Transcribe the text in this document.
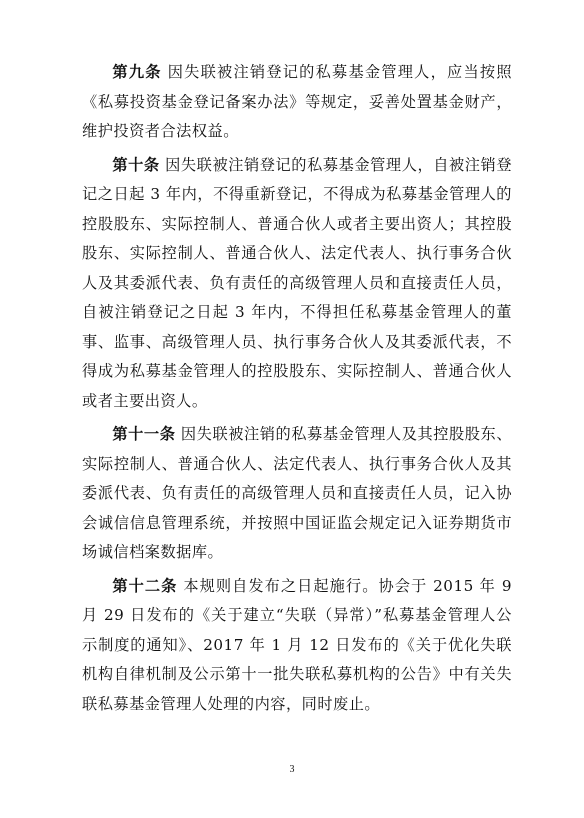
第九条 因失联被注销登记的私募基金管理人，应当按照《私募投资基金登记备案办法》等规定，妥善处置基金财产，维护投资者合法权益。

第十条 因失联被注销登记的私募基金管理人，自被注销登记之日起 3 年内，不得重新登记，不得成为私募基金管理人的控股股东、实际控制人、普通合伙人或者主要出资人；其控股股东、实际控制人、普通合伙人、法定代表人、执行事务合伙人及其委派代表、负有责任的高级管理人员和直接责任人员，自被注销登记之日起 3 年内，不得担任私募基金管理人的董事、监事、高级管理人员、执行事务合伙人及其委派代表，不得成为私募基金管理人的控股股东、实际控制人、普通合伙人或者主要出资人。

第十一条 因失联被注销的私募基金管理人及其控股股东、实际控制人、普通合伙人、法定代表人、执行事务合伙人及其委派代表、负有责任的高级管理人员和直接责任人员，记入协会诚信信息管理系统，并按照中国证监会规定记入证券期货市场诚信档案数据库。

第十二条 本规则自发布之日起施行。协会于 2015 年 9 月 29 日发布的《关于建立“失联（异常）”私募基金管理人公示制度的通知》、2017 年 1 月 12 日发布的《关于优化失联机构自律机制及公示第十一批失联私募机构的公告》中有关失联私募基金管理人处理的内容，同时废止。

3
